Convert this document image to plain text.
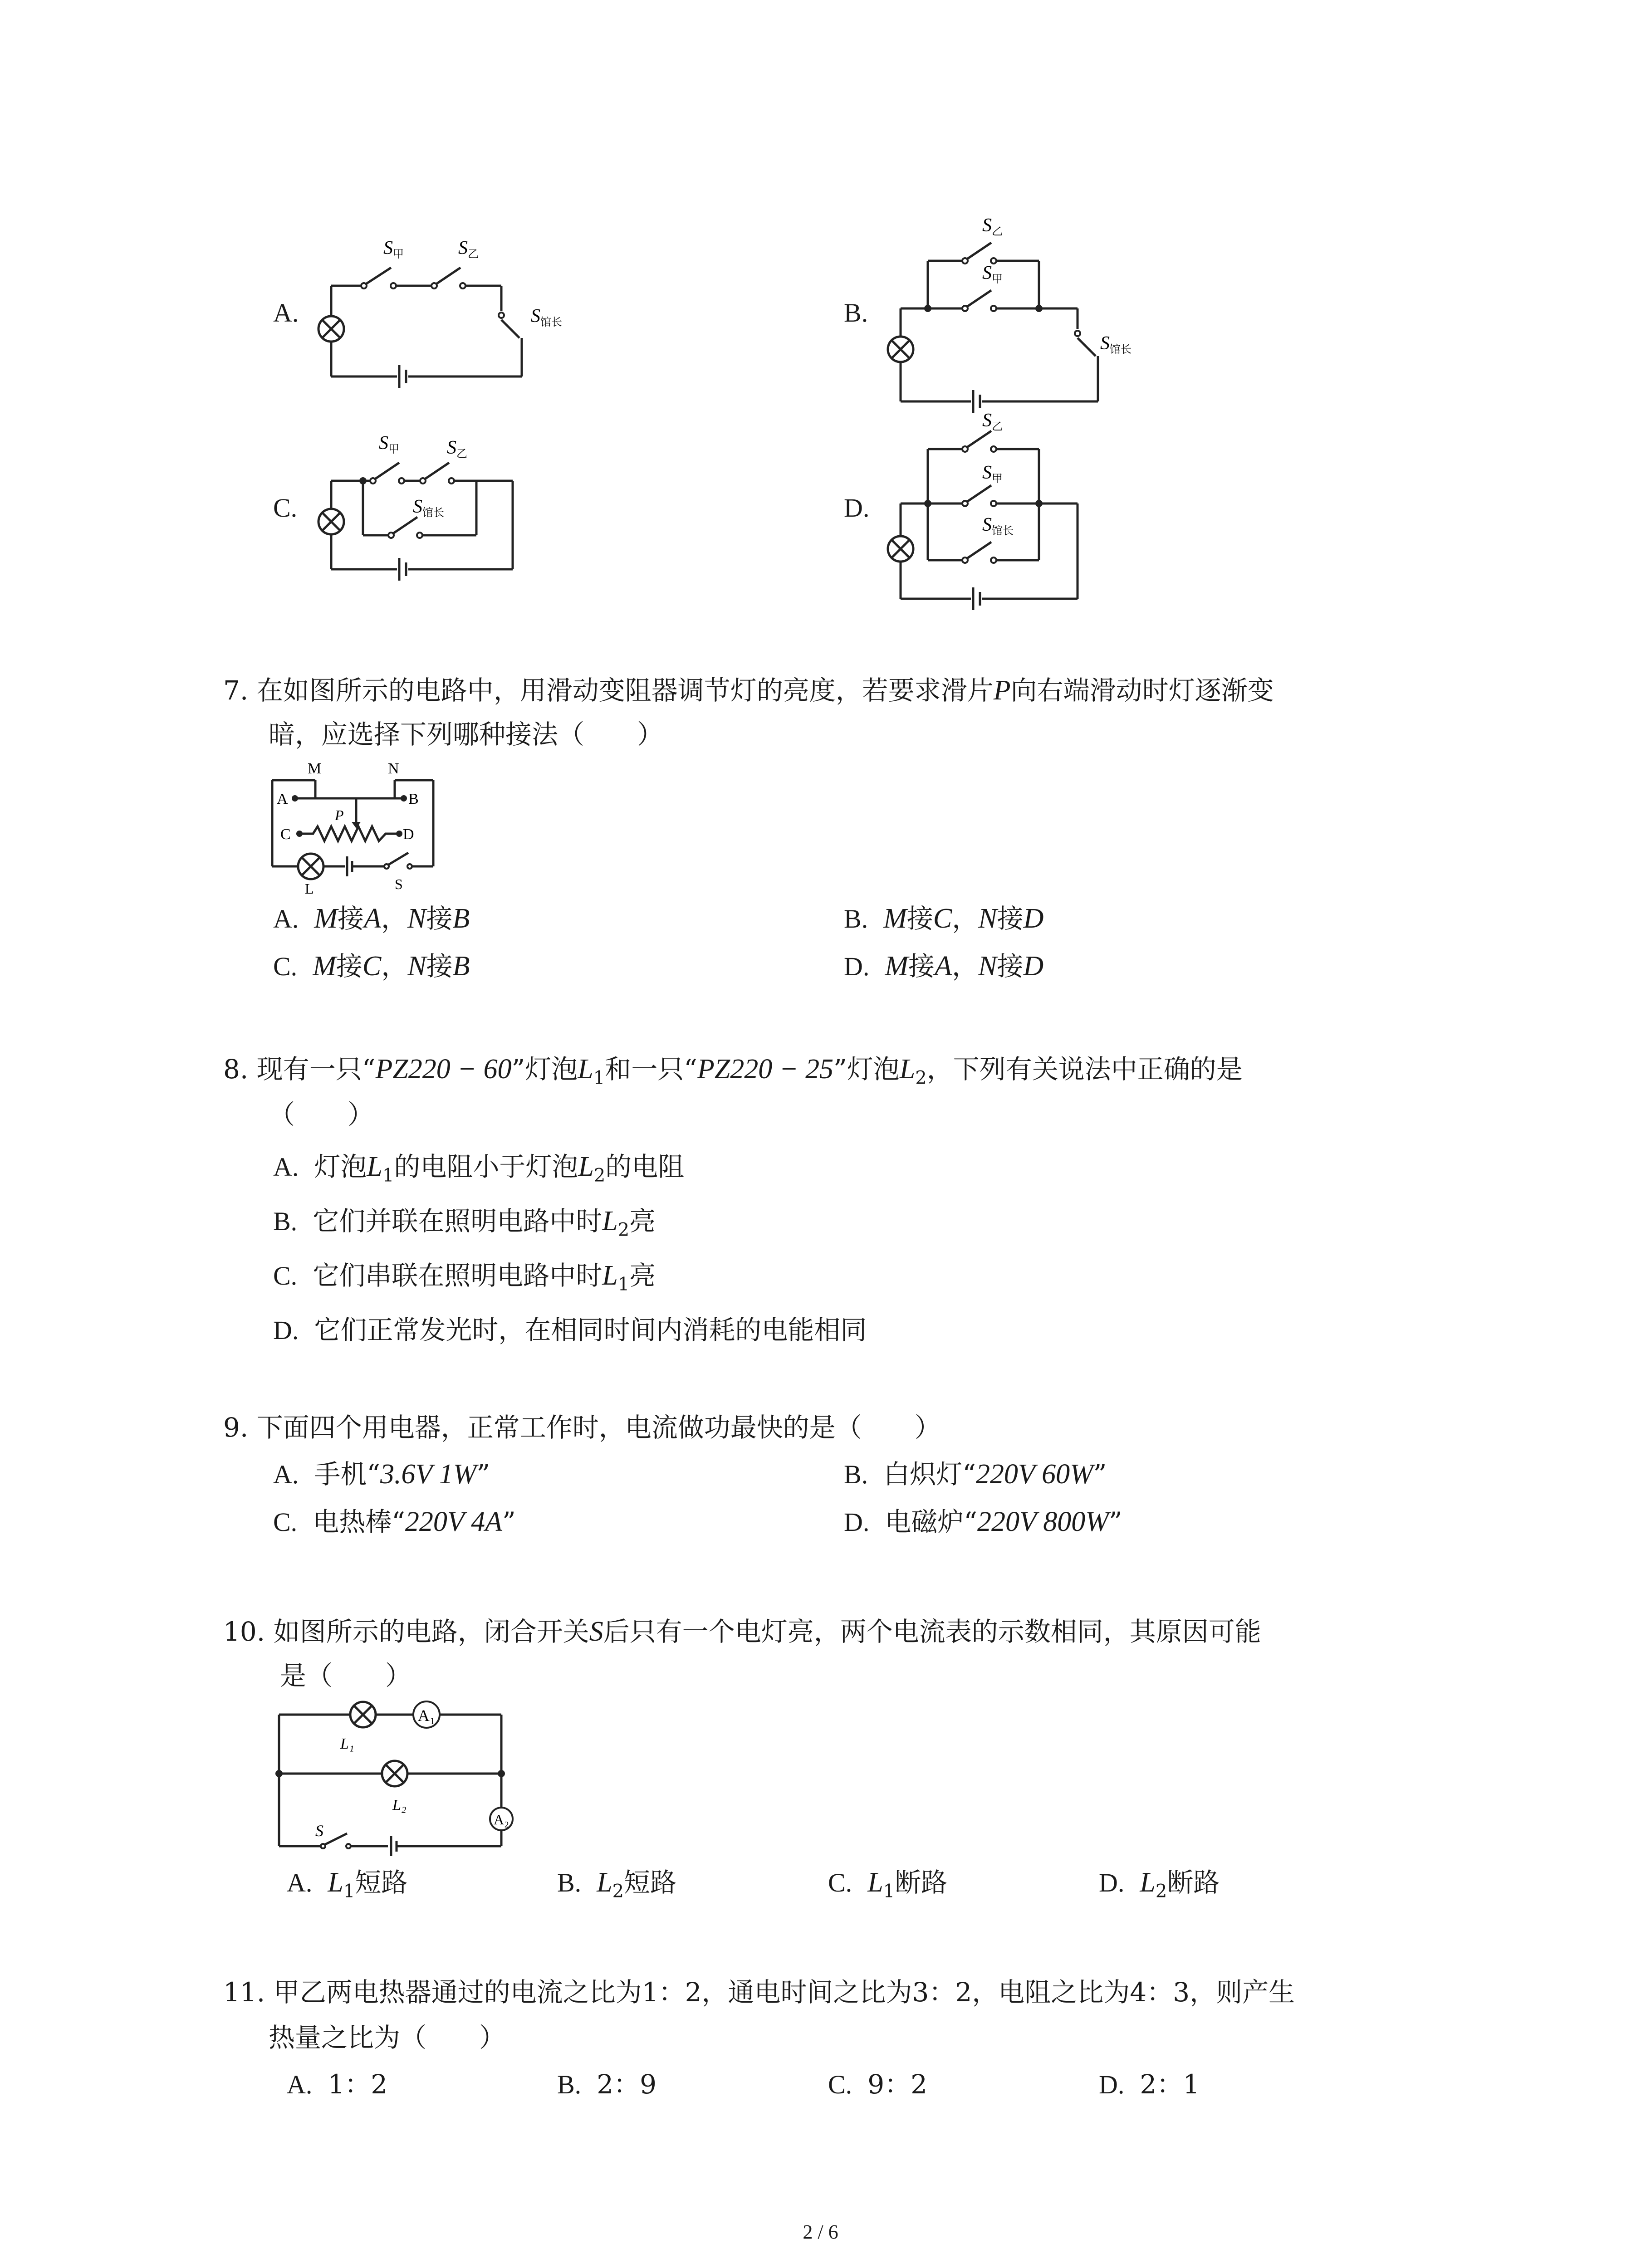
A.
S甲	S乙
S馆长	B.
S乙
S甲
S馆长
C.
S甲	S乙
S馆长	D.
S乙
S甲
S馆长
7. 在如图所示的电路中，用滑动变阻器调节灯的亮度，若要求滑片P向右端滑动时灯逐渐变
暗，应选择下列哪种接法（　　）
M	N
A	B
C	D
P
L	S
A. M接A，N接B	B. M接C，N接D
C. M接C，N接B	D. M接A，N接D
8. 现有一只“PZ220 − 60”灯泡$L_1$和一只“PZ220 − 25”灯泡$L_2$，下列有关说法中正确的是
（　　）
A. 灯泡$L_1$的电阻小于灯泡$L_2$的电阻
B. 它们并联在照明电路中时$L_2$亮
C. 它们串联在照明电路中时$L_1$亮
D. 它们正常发光时，在相同时间内消耗的电能相同
9. 下面四个用电器，正常工作时，电流做功最快的是（　　）
A. 手机“3.6V 1W”	B. 白炽灯“220V 60W”
C. 电热棒“220V 4A”	D. 电磁炉“220V 800W”
10. 如图所示的电路，闭合开关S后只有一个电灯亮，两个电流表的示数相同，其原因可能
是（　　）
A₁
A₂
L₁
L₂
S
A. $L_1$短路	B. $L_2$短路	C. $L_1$断路	D. $L_2$断路
11. 甲乙两电热器通过的电流之比为1：2，通电时间之比为3：2，电阻之比为4：3，则产生
热量之比为（　　）
A. 1：2	B. 2：9	C. 9：2	D. 2：1
2 / 6
